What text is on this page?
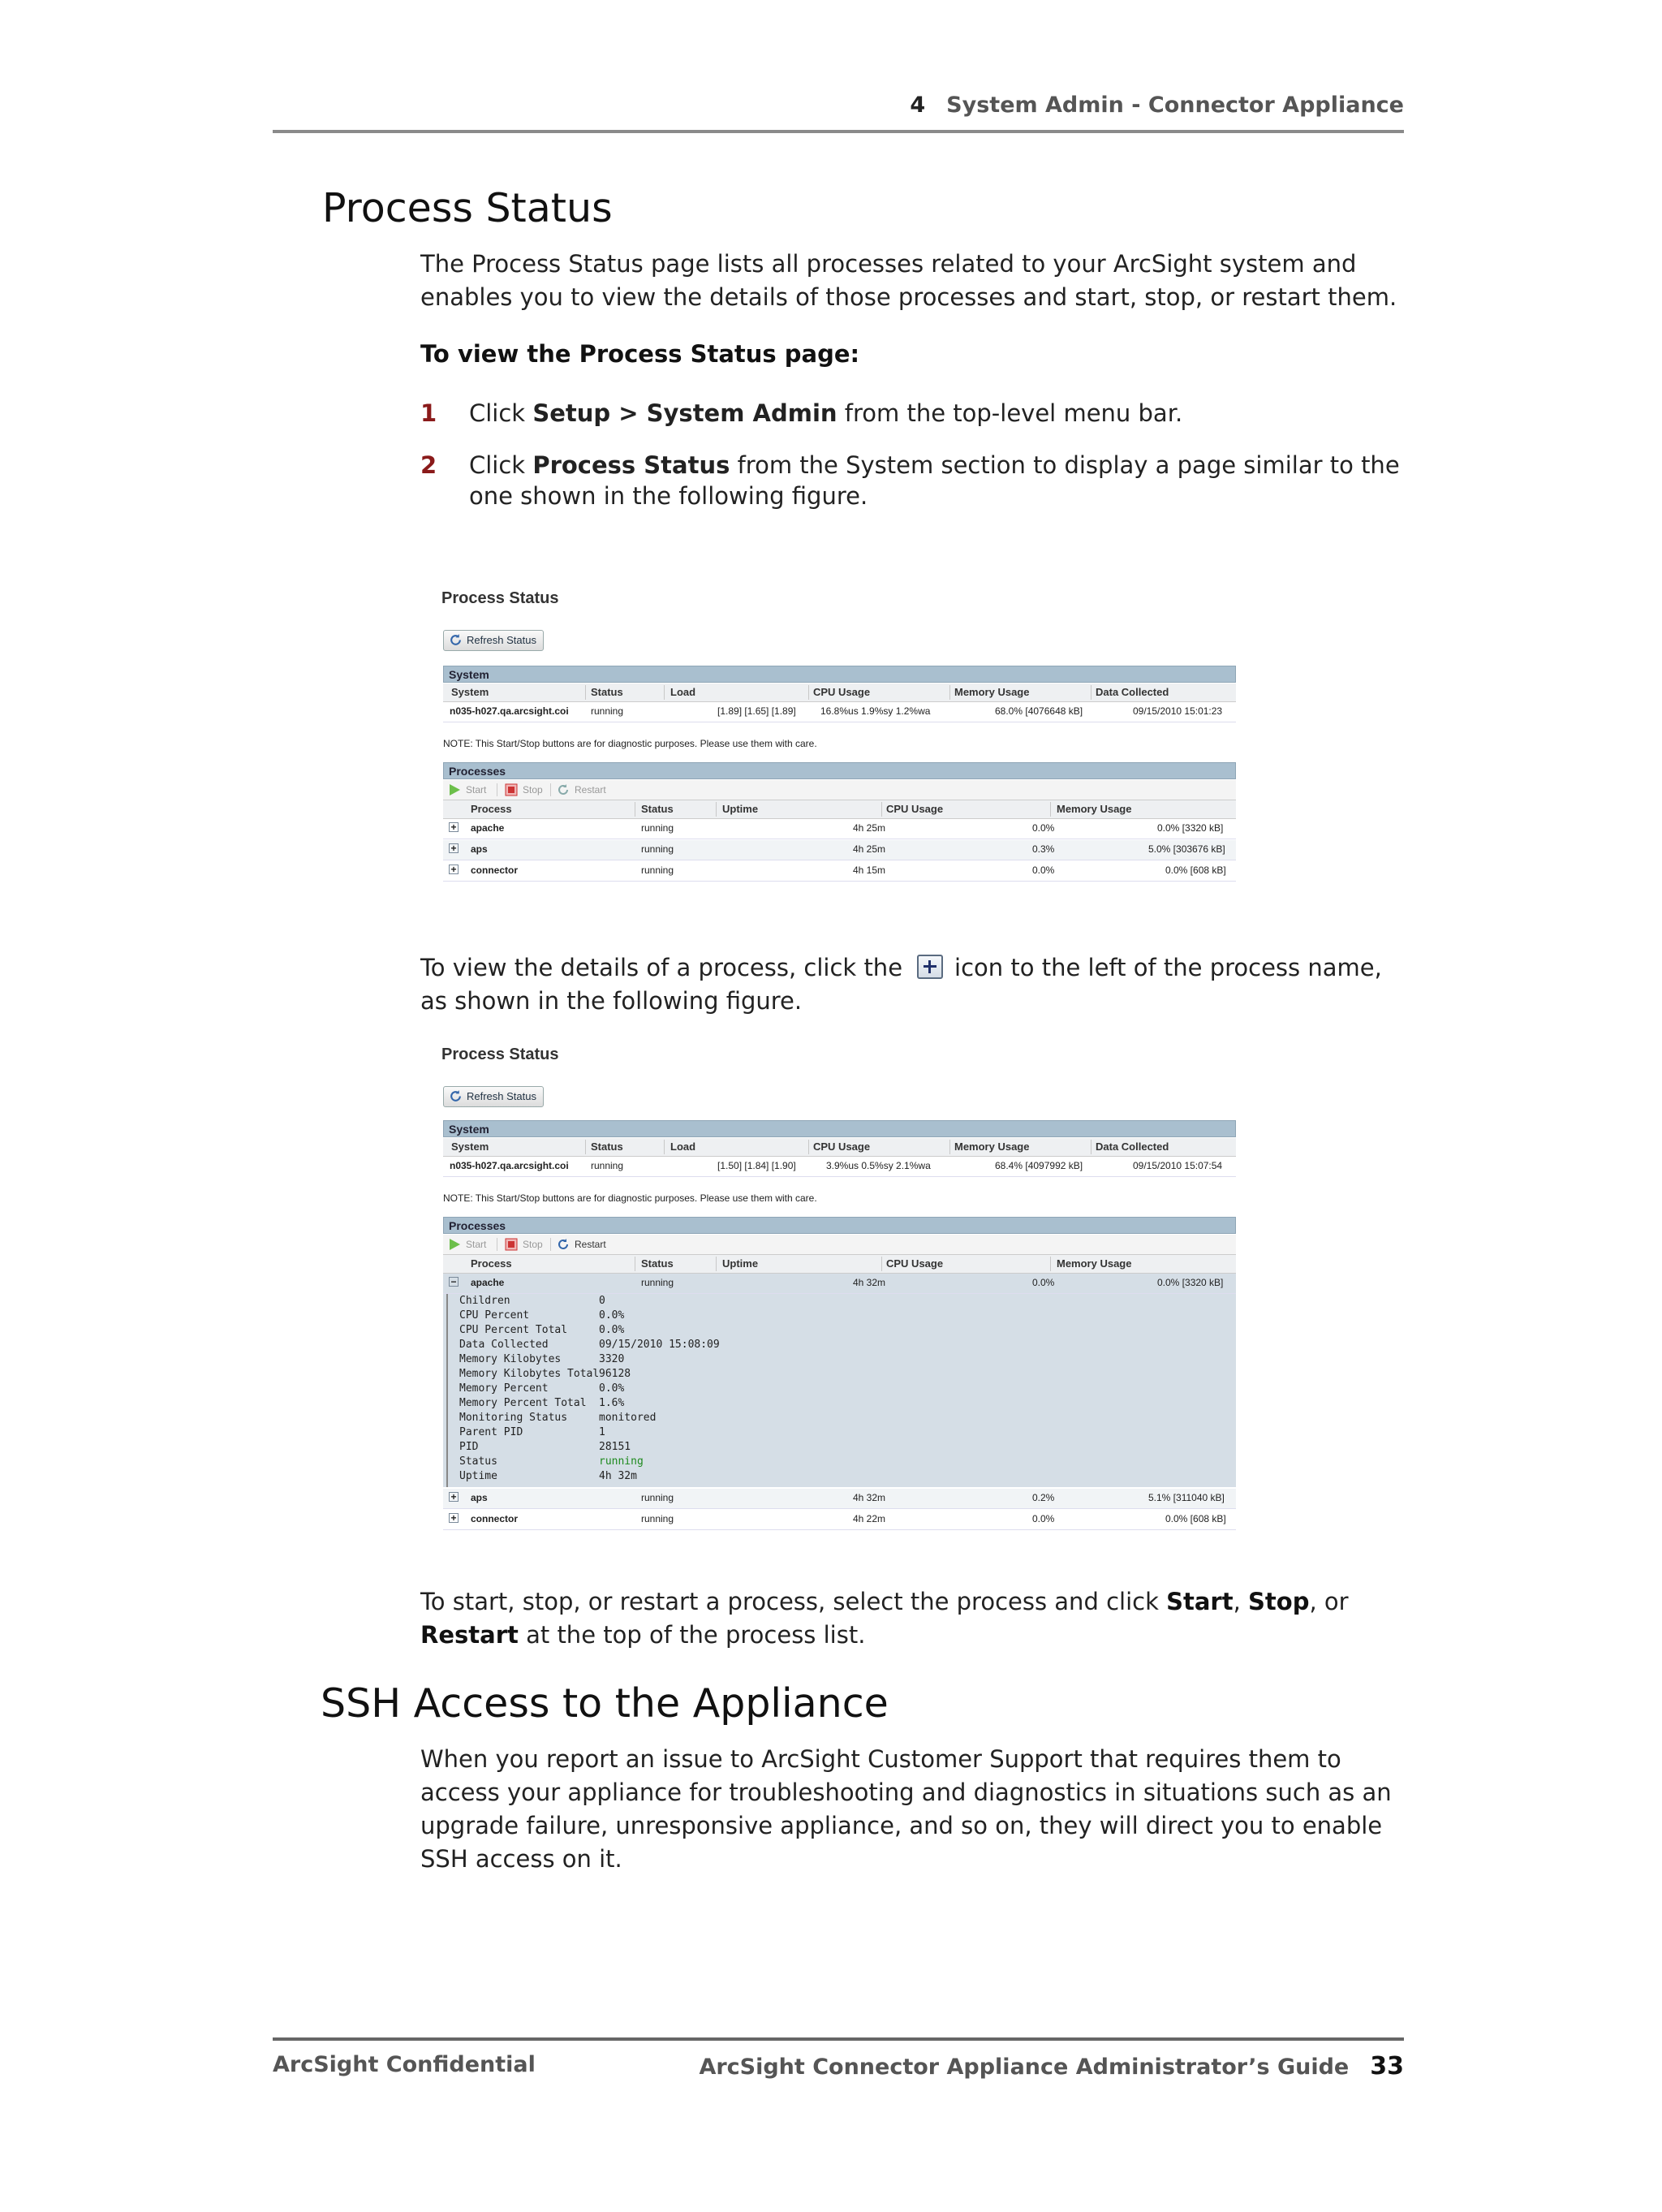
4 System Admin - Connector Appliance
Process Status
The Process Status page lists all processes related to your ArcSight system and enables you to view the details of those processes and start, stop, or restart them.
To view the Process Status page:
1 Click Setup > System Admin from the top-level menu bar.
2 Click Process Status from the System section to display a page similar to the one shown in the following figure.
Process Status
Refresh Status
System
System	Status	Load	CPU Usage	Memory Usage	Data Collected
n035-h027.qa.arcsight.coi running	[1.89] [1.65] [1.89]	16.8%us 1.9%sy 1.2%wa	68.0% [4076648 kB]	09/15/2010 15:01:23
NOTE: This Start/Stop buttons are for diagnostic purposes. Please use them with care.
Processes
Start	Stop	Restart
Process	Status	Uptime	CPU Usage	Memory Usage
+ apache	running	4h 25m	0.0%	0.0% [3320 kB]
+ aps	running	4h 25m	0.3%	5.0% [303676 kB]
+ connector	running	4h 15m	0.0%	0.0% [608 kB]
To view the details of a process, click the icon to the left of the process name, as shown in the following figure.
Process Status
Refresh Status
System
System	Status	Load	CPU Usage	Memory Usage	Data Collected
n035-h027.qa.arcsight.coi running	[1.50] [1.84] [1.90]	3.9%us 0.5%sy 2.1%wa	68.4% [4097992 kB]	09/15/2010 15:07:54
NOTE: This Start/Stop buttons are for diagnostic purposes. Please use them with care.
Processes
Start	Stop	Restart
Process	Status	Uptime	CPU Usage	Memory Usage
− apache	running	4h 32m	0.0%	0.0% [3320 kB]
Children	0
CPU Percent	0.0%
CPU Percent Total	0.0%
Data Collected	09/15/2010 15:08:09
Memory Kilobytes	3320
Memory Kilobytes Total 96128
Memory Percent	0.0%
Memory Percent Total 1.6%
Monitoring Status	monitored
Parent PID	1
PID	28151
Status	running
Uptime	4h 32m
+ aps	running	4h 32m	0.2%	5.1% [311040 kB]
+ connector	running	4h 22m	0.0%	0.0% [608 kB]
To start, stop, or restart a process, select the process and click Start, Stop, or Restart at the top of the process list.
SSH Access to the Appliance
When you report an issue to ArcSight Customer Support that requires them to access your appliance for troubleshooting and diagnostics in situations such as an upgrade failure, unresponsive appliance, and so on, they will direct you to enable SSH access on it.
ArcSight Confidential	ArcSight Connector Appliance Administrator’s Guide 33
